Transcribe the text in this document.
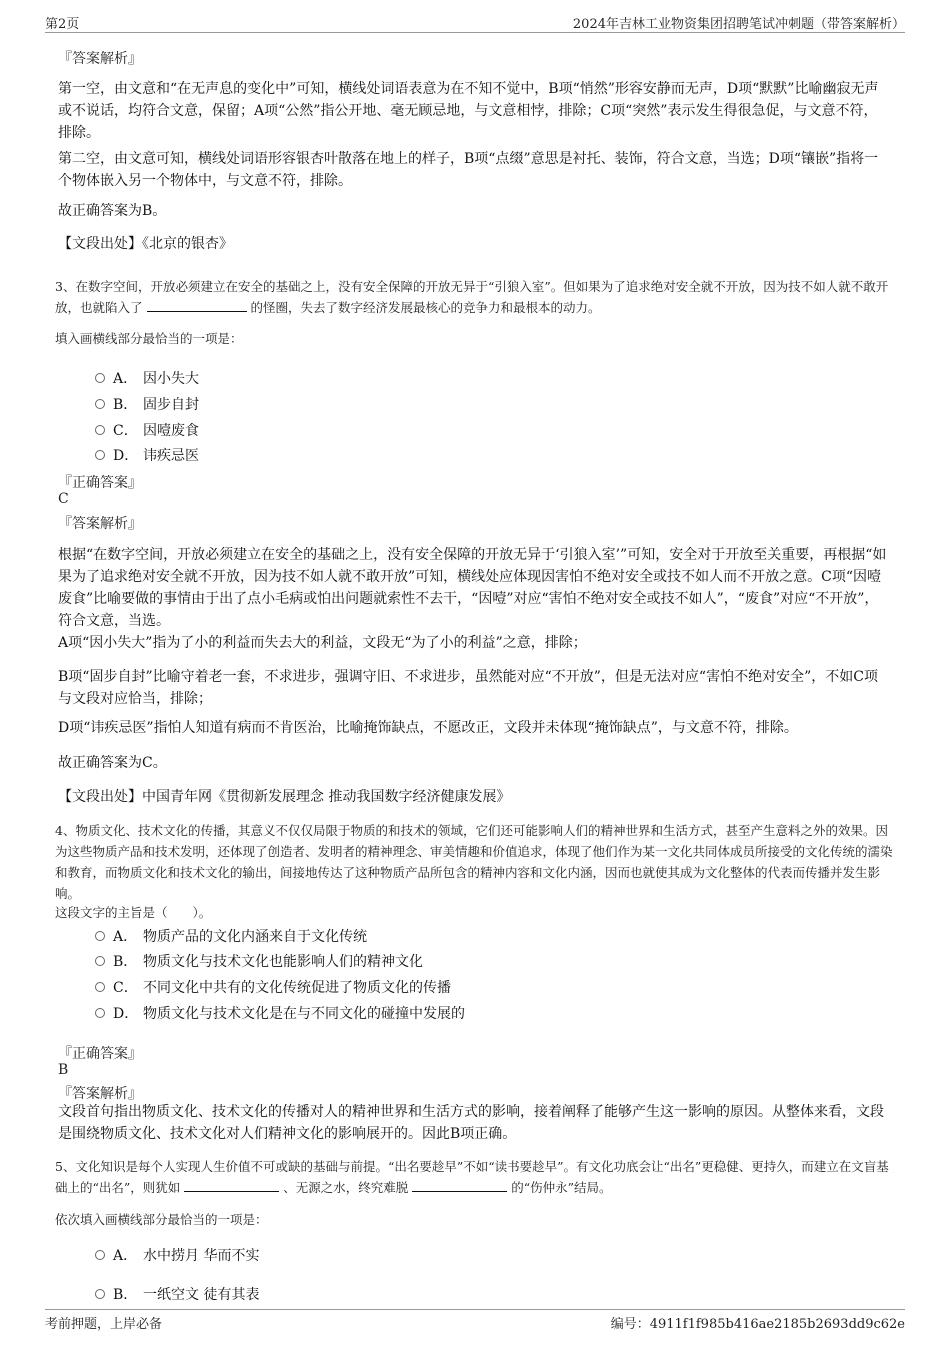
第2页	2024年吉林工业物资集团招聘笔试冲刺题（带答案解析）
『答案解析』
第一空，由文意和“在无声息的变化中”可知，横线处词语表意为在不知不觉中，B项“悄然”形容安静而无声，D项“默默”比喻幽寂无声或不说话，均符合文意，保留；A项“公然”指公开地、毫无顾忌地，与文意相悖，排除；C项“突然”表示发生得很急促，与文意不符，排除。
第二空，由文意可知，横线处词语形容银杏叶散落在地上的样子，B项“点缀”意思是衬托、装饰，符合文意，当选；D项“镶嵌”指将一个物体嵌入另一个物体中，与文意不符，排除。
故正确答案为B。
【文段出处】《北京的银杏》
3、在数字空间，开放必须建立在安全的基础之上，没有安全保障的开放无异于“引狼入室”。但如果为了追求绝对安全就不开放，因为技不如人就不敢开放，也就陷入了	的怪圈，失去了数字经济发展最核心的竞争力和最根本的动力。
填入画横线部分最恰当的一项是：
A． 因小失大
B． 固步自封
C． 因噎废食
D． 讳疾忌医
『正确答案』
C
『答案解析』
根据“在数字空间，开放必须建立在安全的基础之上，没有安全保障的开放无异于‘引狼入室’”可知，安全对于开放至关重要，再根据“如果为了追求绝对安全就不开放，因为技不如人就不敢开放”可知，横线处应体现因害怕不绝对安全或技不如人而不开放之意。C项“因噎废食”比喻要做的事情由于出了点小毛病或怕出问题就索性不去干，“因噎”对应“害怕不绝对安全或技不如人”，“废食”对应“不开放”，符合文意，当选。
A项“因小失大”指为了小的利益而失去大的利益，文段无“为了小的利益”之意，排除；
B项“固步自封”比喻守着老一套，不求进步，强调守旧、不求进步，虽然能对应“不开放”，但是无法对应“害怕不绝对安全”，不如C项与文段对应恰当，排除；
D项“讳疾忌医”指怕人知道有病而不肯医治，比喻掩饰缺点，不愿改正，文段并未体现“掩饰缺点”，与文意不符，排除。
故正确答案为C。
【文段出处】中国青年网《贯彻新发展理念 推动我国数字经济健康发展》
4、物质文化、技术文化的传播，其意义不仅仅局限于物质的和技术的领域，它们还可能影响人们的精神世界和生活方式，甚至产生意料之外的效果。因为这些物质产品和技术发明，还体现了创造者、发明者的精神理念、审美情趣和价值追求，体现了他们作为某一文化共同体成员所接受的文化传统的濡染和教育，而物质文化和技术文化的输出，间接地传达了这种物质产品所包含的精神内容和文化内涵，因而也就使其成为文化整体的代表而传播并发生影响。
这段文字的主旨是（　　）。
A． 物质产品的文化内涵来自于文化传统
B． 物质文化与技术文化也能影响人们的精神文化
C． 不同文化中共有的文化传统促进了物质文化的传播
D． 物质文化与技术文化是在与不同文化的碰撞中发展的
『正确答案』
B
『答案解析』
文段首句指出物质文化、技术文化的传播对人的精神世界和生活方式的影响，接着阐释了能够产生这一影响的原因。从整体来看，文段是围绕物质文化、技术文化对人们精神文化的影响展开的。因此B项正确。
5、文化知识是每个人实现人生价值不可或缺的基础与前提。“出名要趁早”不如“读书要趁早”。有文化功底会让“出名”更稳健、更持久，而建立在文盲基础上的“出名”，则犹如	、无源之水，终究难脱	的“伤仲永”结局。
依次填入画横线部分最恰当的一项是：
A． 水中捞月 华而不实
B． 一纸空文 徒有其表
考前押题，上岸必备	编号：4911f1f985b416ae2185b2693dd9c62e
